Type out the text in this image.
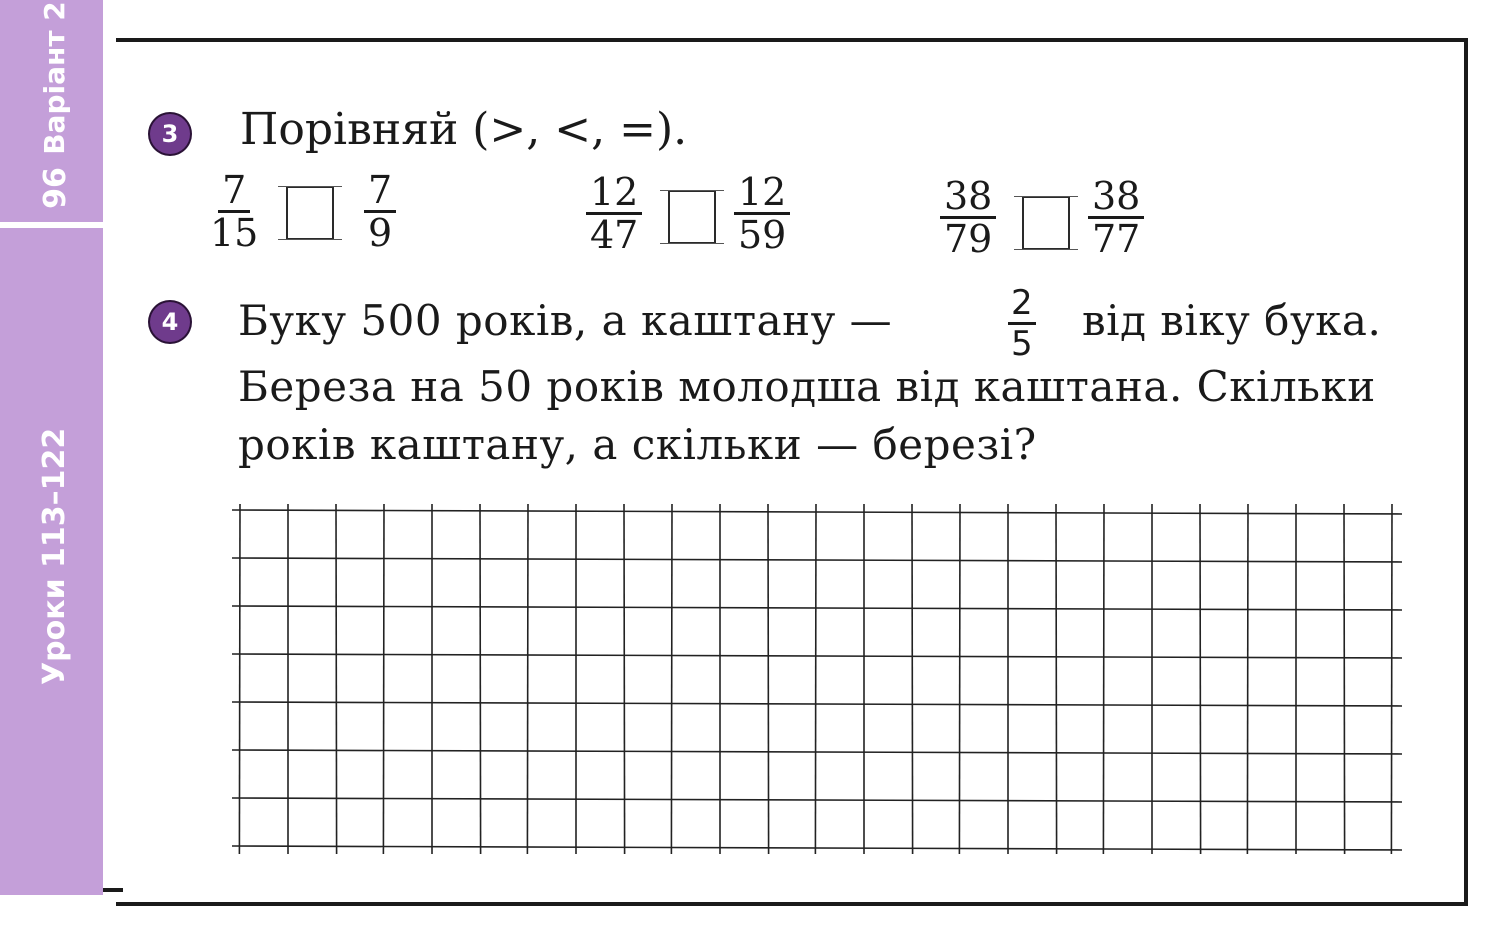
Варіант 2
96
Уроки 113–122
3 Порівняй (>, <, =).
$\frac{7}{15}$	$\frac{7}{9}$	$\frac{12}{47} \frac{12}{59}$	$\frac{38}{79} \frac{38}{77}$
4 Буку 500 років, а каштану —	$\frac{2}{5}$ від віку бука.
Береза на 50 років молодша від каштана. Скільки
років каштану, а скільки — березі?
